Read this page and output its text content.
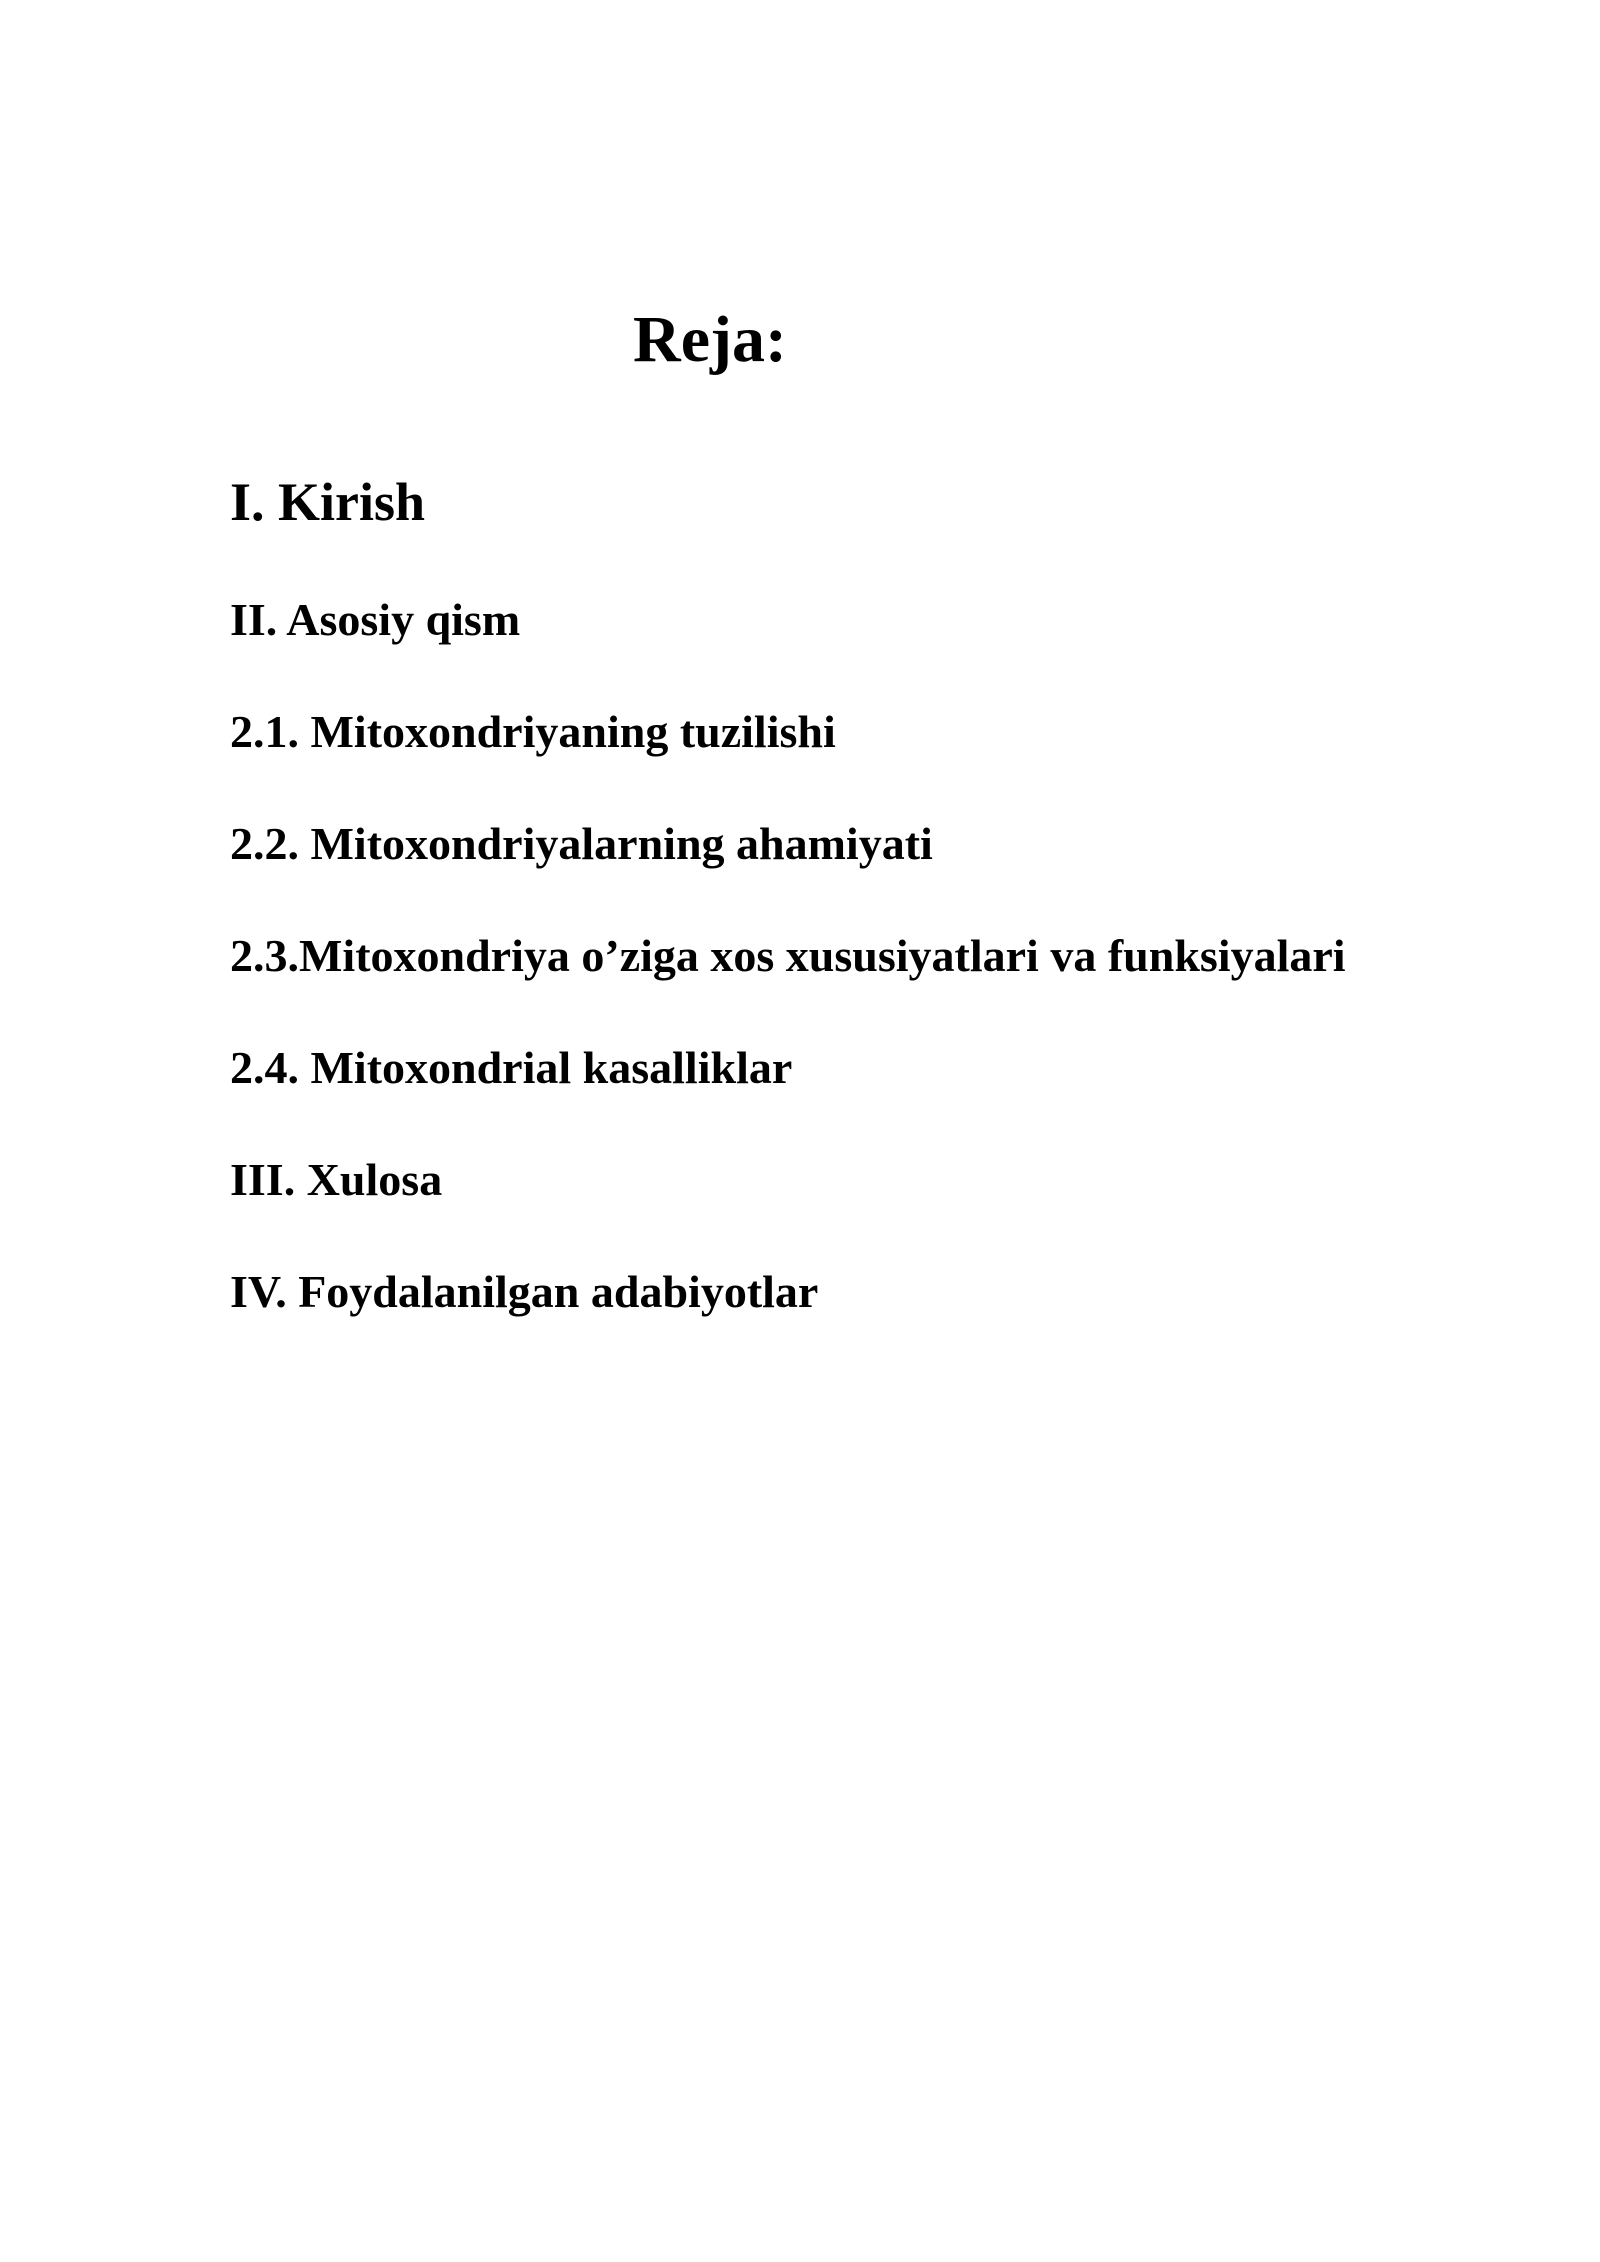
Reja:
I. Kirish
II. Asosiy qism
2.1. Mitoxondriyaning tuzilishi
2.2. Mitoxondriyalarning ahamiyati
2.3.Mitoxondriya o’ziga xos xususiyatlari va funksiyalari
2.4. Mitoxondrial kasalliklar
III. Xulosa
IV. Foydalanilgan adabiyotlar
